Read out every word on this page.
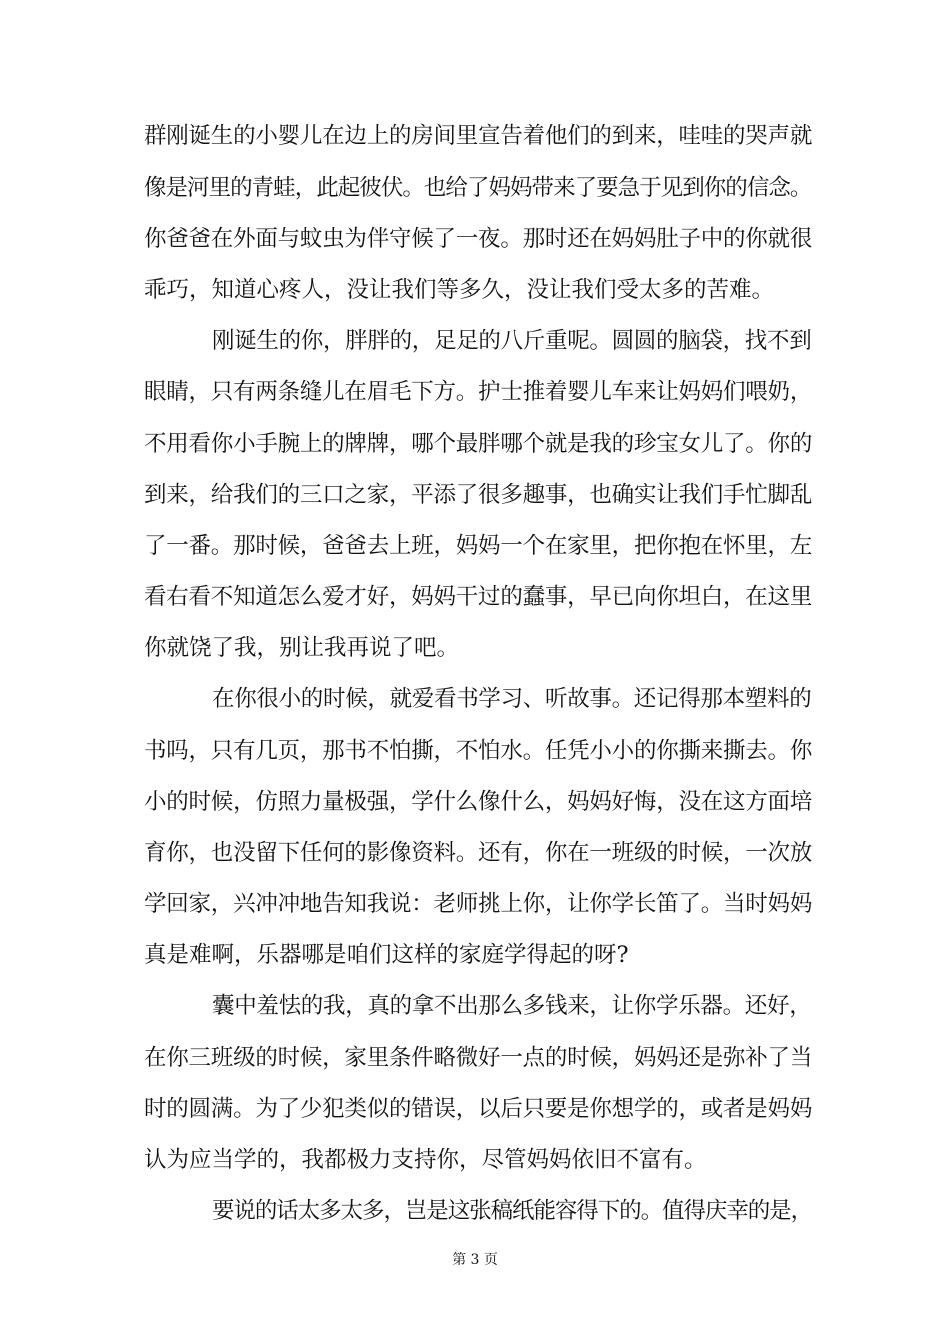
群刚诞生的小婴儿在边上的房间里宣告着他们的到来，哇哇的哭声就
像是河里的青蛙，此起彼伏。也给了妈妈带来了要急于见到你的信念。
你爸爸在外面与蚊虫为伴守候了一夜。那时还在妈妈肚子中的你就很
乖巧，知道心疼人，没让我们等多久，没让我们受太多的苦难。
刚诞生的你，胖胖的，足足的八斤重呢。圆圆的脑袋，找不到
眼睛，只有两条缝儿在眉毛下方。护士推着婴儿车来让妈妈们喂奶，
不用看你小手腕上的牌牌，哪个最胖哪个就是我的珍宝女儿了。你的
到来，给我们的三口之家，平添了很多趣事，也确实让我们手忙脚乱
了一番。那时候，爸爸去上班，妈妈一个在家里，把你抱在怀里，左
看右看不知道怎么爱才好，妈妈干过的蠢事，早已向你坦白，在这里
你就饶了我，别让我再说了吧。
在你很小的时候，就爱看书学习、听故事。还记得那本塑料的
书吗，只有几页，那书不怕撕，不怕水。任凭小小的你撕来撕去。你
小的时候，仿照力量极强，学什么像什么，妈妈好悔，没在这方面培
育你，也没留下任何的影像资料。还有，你在一班级的时候，一次放
学回家，兴冲冲地告知我说：老师挑上你，让你学长笛了。当时妈妈
真是难啊，乐器哪是咱们这样的家庭学得起的呀?
囊中羞怯的我，真的拿不出那么多钱来，让你学乐器。还好，
在你三班级的时候，家里条件略微好一点的时候，妈妈还是弥补了当
时的圆满。为了少犯类似的错误，以后只要是你想学的，或者是妈妈
认为应当学的，我都极力支持你，尽管妈妈依旧不富有。
要说的话太多太多，岂是这张稿纸能容得下的。值得庆幸的是，
第 3 页
